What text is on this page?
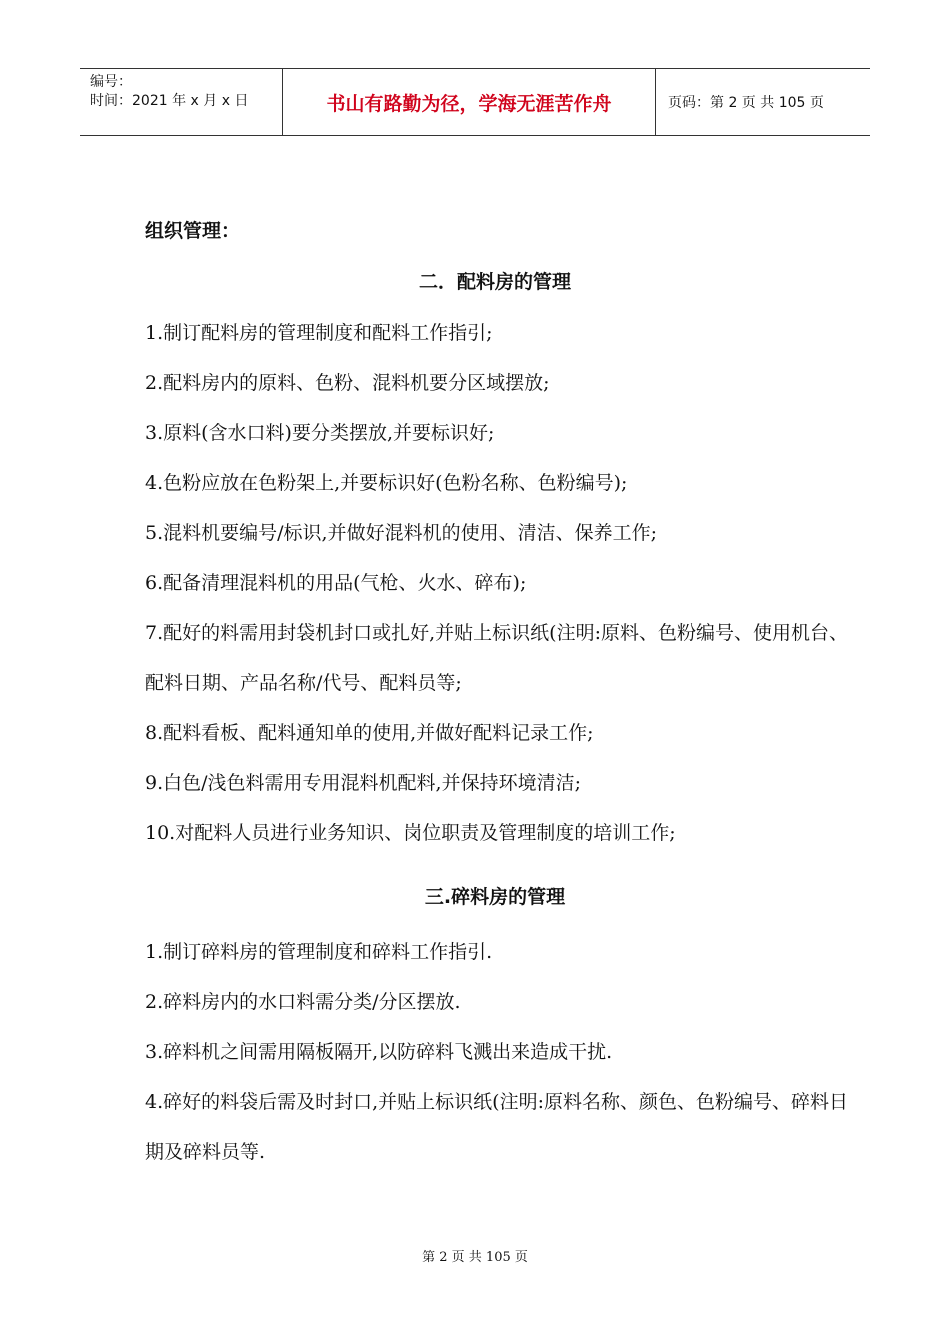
编号：
时间：2021 年 x 月 x 日	书山有路勤为径，学海无涯苦作舟	页码：第 2 页 共 105 页
组织管理：
二．配料房的管理

1.制订配料房的管理制度和配料工作指引;

2.配料房内的原料、色粉、混料机要分区域摆放;

3.原料(含水口料)要分类摆放,并要标识好;

4.色粉应放在色粉架上,并要标识好(色粉名称、色粉编号);

5.混料机要编号/标识,并做好混料机的使用、清洁、保养工作;

6.配备清理混料机的用品(气枪、火水、碎布);

7.配好的料需用封袋机封口或扎好,并贴上标识纸(注明:原料、色粉编号、使用机台、配料日期、产品名称/代号、配料员等;

8.配料看板、配料通知单的使用,并做好配料记录工作;

9.白色/浅色料需用专用混料机配料,并保持环境清洁;

10.对配料人员进行业务知识、岗位职责及管理制度的培训工作;

三.碎料房的管理

1.制订碎料房的管理制度和碎料工作指引.

2.碎料房内的水口料需分类/分区摆放.

3.碎料机之间需用隔板隔开,以防碎料飞溅出来造成干扰.

4.碎好的料袋后需及时封口,并贴上标识纸(注明:原料名称、颜色、色粉编号、碎料日期及碎料员等.

第 2 页 共 105 页
